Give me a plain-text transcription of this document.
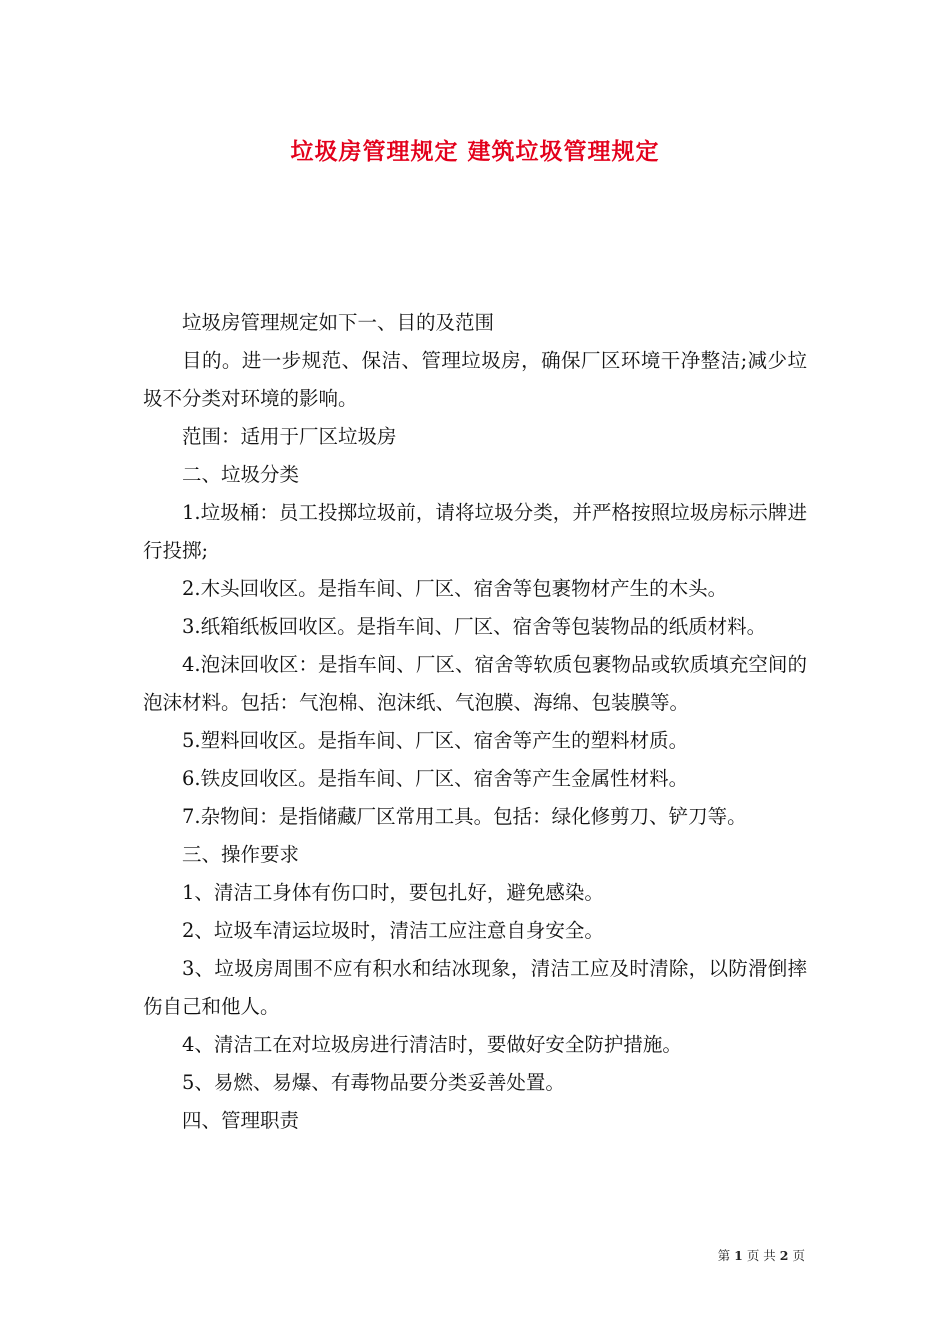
垃圾房管理规定 建筑垃圾管理规定

垃圾房管理规定如下一、目的及范围

目的。进一步规范、保洁、管理垃圾房，确保厂区环境干净整洁;减少垃圾不分类对环境的影响。

范围：适用于厂区垃圾房

二、垃圾分类

1.垃圾桶：员工投掷垃圾前，请将垃圾分类，并严格按照垃圾房标示牌进行投掷;

2.木头回收区。是指车间、厂区、宿舍等包裹物材产生的木头。

3.纸箱纸板回收区。是指车间、厂区、宿舍等包装物品的纸质材料。

4.泡沫回收区：是指车间、厂区、宿舍等软质包裹物品或软质填充空间的泡沫材料。包括：气泡棉、泡沫纸、气泡膜、海绵、包装膜等。

5.塑料回收区。是指车间、厂区、宿舍等产生的塑料材质。

6.铁皮回收区。是指车间、厂区、宿舍等产生金属性材料。

7.杂物间：是指储藏厂区常用工具。包括：绿化修剪刀、铲刀等。

三、操作要求

1、清洁工身体有伤口时，要包扎好，避免感染。

2、垃圾车清运垃圾时，清洁工应注意自身安全。

3、垃圾房周围不应有积水和结冰现象，清洁工应及时清除，以防滑倒摔伤自己和他人。

4、清洁工在对垃圾房进行清洁时，要做好安全防护措施。

5、易燃、易爆、有毒物品要分类妥善处置。

四、管理职责

第 1 页 共 2 页
